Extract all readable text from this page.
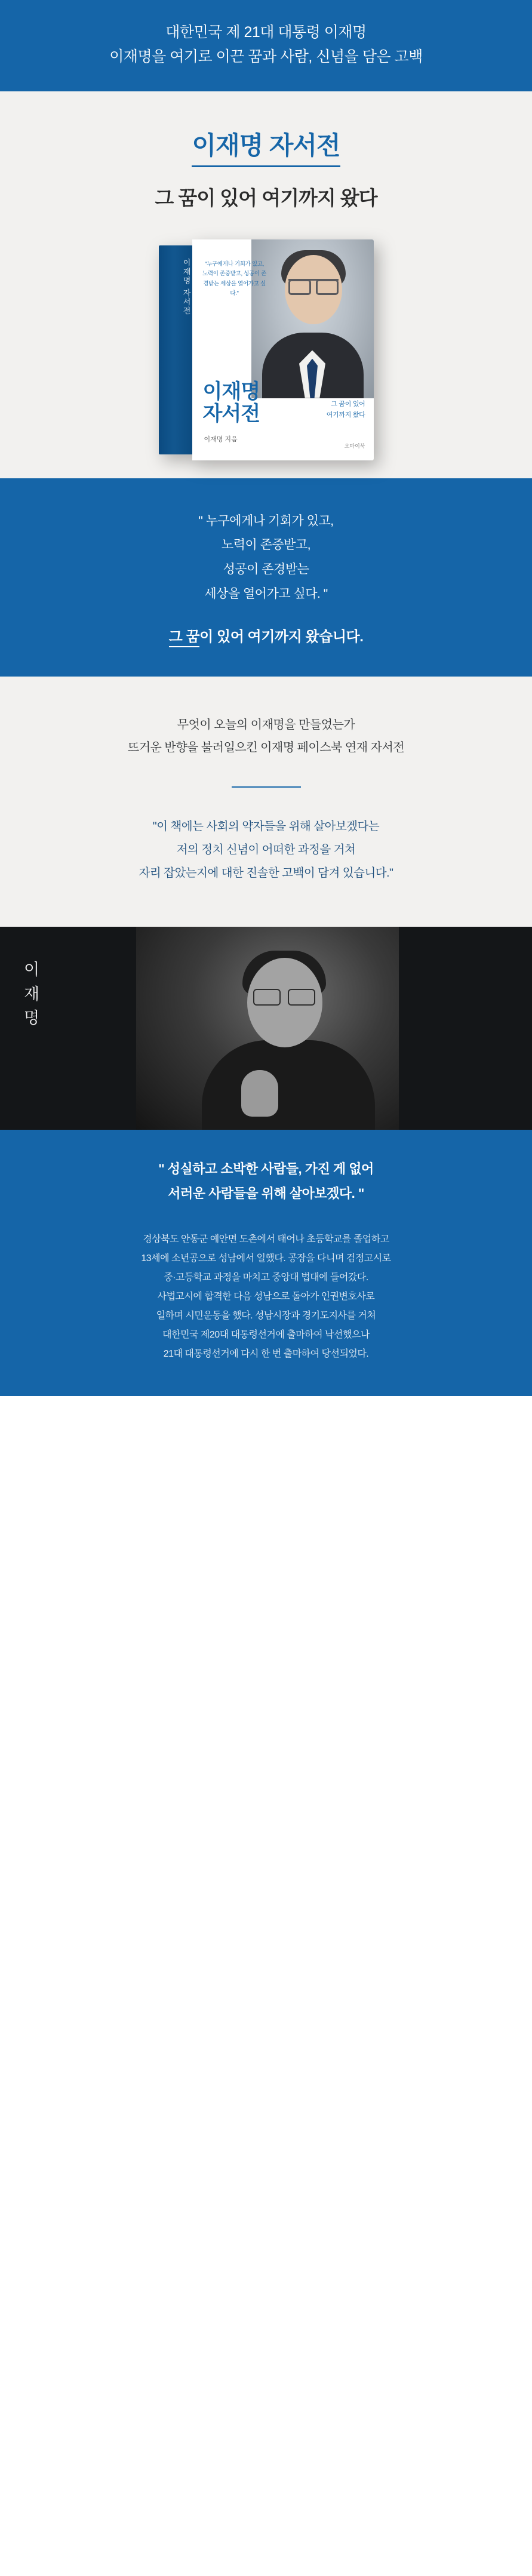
대한민국 제 21대 대통령 이재명
이재명을 여기로 이끈 꿈과 사람, 신념을 담은 고백
이재명 자서전
그 꿈이 있어 여기까지 왔다
이재명 자서전	"누구에게나 기회가 있고, 노력이 존중받고, 성공이 존경받는 세상을 열어가고 싶다."
이재명
자서전	그 꿈이 있어
여기까지 왔다
이재명 지음
오마이북
" 누구에게나 기회가 있고,
노력이 존중받고,
성공이 존경받는
세상을 열어가고 싶다. "
그 꿈이 있어 여기까지 왔습니다.
무엇이 오늘의 이재명을 만들었는가
뜨거운 반향을 불러일으킨 이재명 페이스북 연재 자서전
"이 책에는 사회의 약자들을 위해 살아보겠다는
저의 정치 신념이 어떠한 과정을 거쳐
자리 잡았는지에 대한 진솔한 고백이 담겨 있습니다."
이
재
명
" 성실하고 소박한 사람들, 가진 게 없어
서러운 사람들을 위해 살아보겠다. "
경상북도 안동군 예안면 도촌에서 태어나 초등학교를 졸업하고
13세에 소년공으로 성남에서 일했다. 공장을 다니며 검정고시로
중·고등학교 과정을 마치고 중앙대 법대에 들어갔다.
사법고시에 합격한 다음 성남으로 돌아가 인권변호사로
일하며 시민운동을 했다. 성남시장과 경기도지사를 거쳐
대한민국 제20대 대통령선거에 출마하여 낙선했으나
21대 대통령선거에 다시 한 번 출마하여 당선되었다.
